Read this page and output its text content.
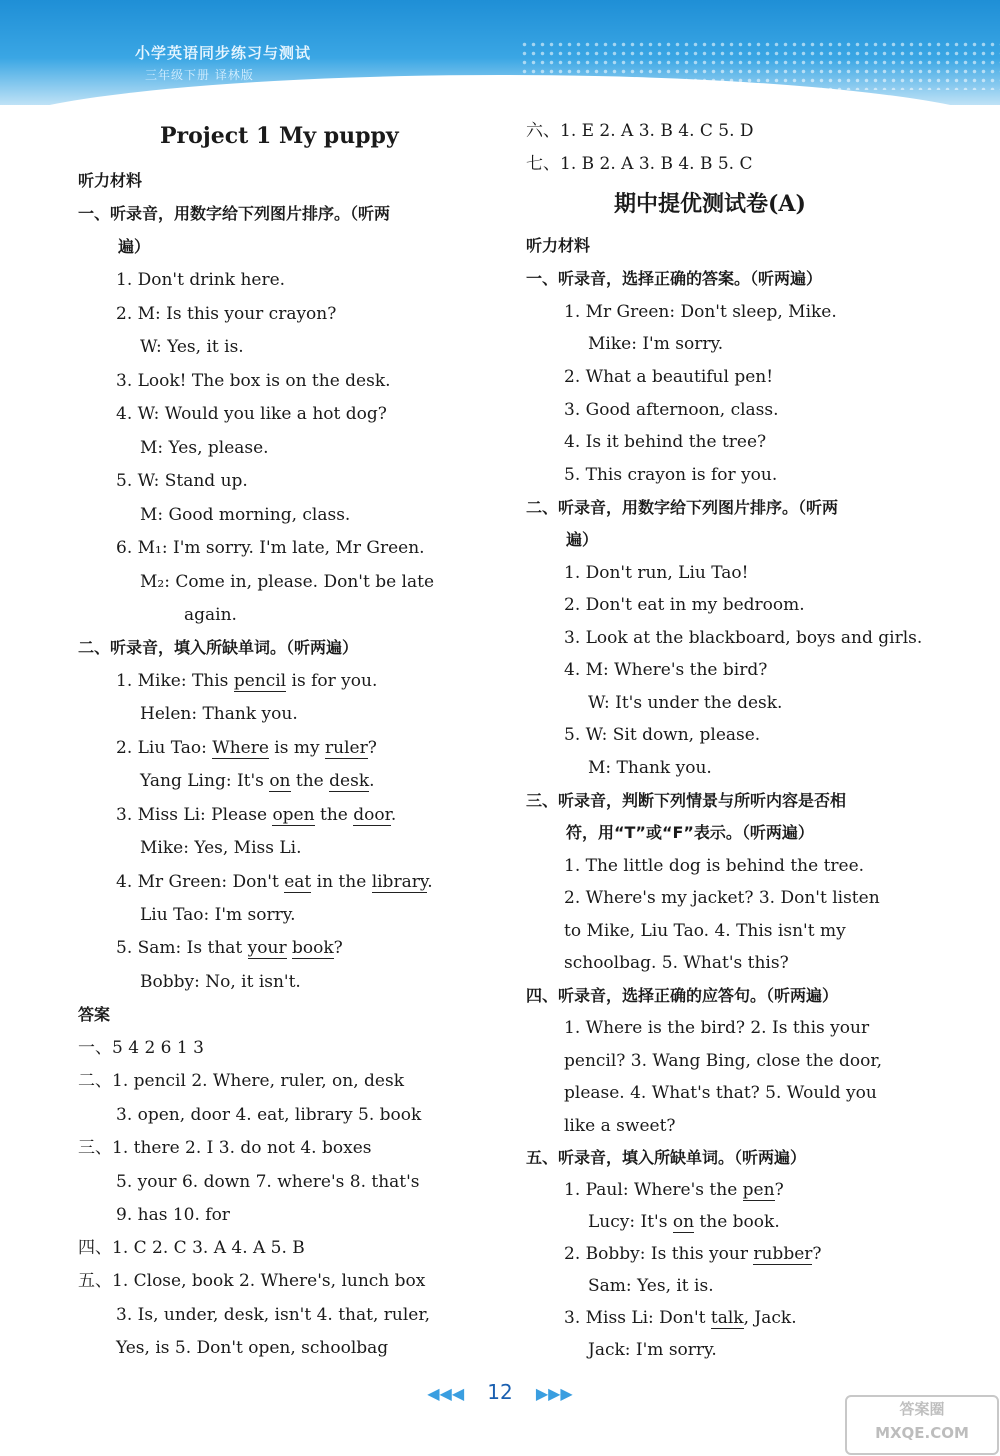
小学英语同步练习与测试
三年级下册 译林版
Project 1 My puppy
听力材料
一、听录音，用数字给下列图片排序。（听两
遍）
1. Don't drink here.
2. M: Is this your crayon?
W: Yes, it is.
3. Look! The box is on the desk.
4. W: Would you like a hot dog?
M: Yes, please.
5. W: Stand up.
M: Good morning, class.
6. M₁: I'm sorry. I'm late, Mr Green.
M₂: Come in, please. Don't be late
again.
二、听录音，填入所缺单词。（听两遍）
1. Mike: This pencil is for you.
Helen: Thank you.
2. Liu Tao: Where is my ruler?
Yang Ling: It's on the desk.
3. Miss Li: Please open the door.
Mike: Yes, Miss Li.
4. Mr Green: Don't eat in the library.
Liu Tao: I'm sorry.
5. Sam: Is that your book?
Bobby: No, it isn't.
答案
一、5 4 2 6 1 3
二、1. pencil 2. Where, ruler, on, desk
3. open, door 4. eat, library 5. book
三、1. there 2. I 3. do not 4. boxes
5. your 6. down 7. where's 8. that's
9. has 10. for
四、1. C 2. C 3. A 4. A 5. B
五、1. Close, book 2. Where's, lunch box
3. Is, under, desk, isn't 4. that, ruler,
Yes, is 5. Don't open, schoolbag
六、1. E 2. A 3. B 4. C 5. D
七、1. B 2. A 3. B 4. B 5. C
期中提优测试卷(A)
听力材料
一、听录音，选择正确的答案。（听两遍）
1. Mr Green: Don't sleep, Mike.
Mike: I'm sorry.
2. What a beautiful pen!
3. Good afternoon, class.
4. Is it behind the tree?
5. This crayon is for you.
二、听录音，用数字给下列图片排序。（听两
遍）
1. Don't run, Liu Tao!
2. Don't eat in my bedroom.
3. Look at the blackboard, boys and girls.
4. M: Where's the bird?
W: It's under the desk.
5. W: Sit down, please.
M: Thank you.
三、听录音，判断下列情景与所听内容是否相
符，用“T”或“F”表示。（听两遍）
1. The little dog is behind the tree.
2. Where's my jacket? 3. Don't listen
to Mike, Liu Tao. 4. This isn't my
schoolbag. 5. What's this?
四、听录音，选择正确的应答句。（听两遍）
1. Where is the bird? 2. Is this your
pencil? 3. Wang Bing, close the door,
please. 4. What's that? 5. Would you
like a sweet?
五、听录音，填入所缺单词。（听两遍）
1. Paul: Where's the pen?
Lucy: It's on the book.
2. Bobby: Is this your rubber?
Sam: Yes, it is.
3. Miss Li: Don't talk, Jack.
Jack: I'm sorry.
◀◀◀ 12 ▶▶▶
答案圈
MXQE.COM
